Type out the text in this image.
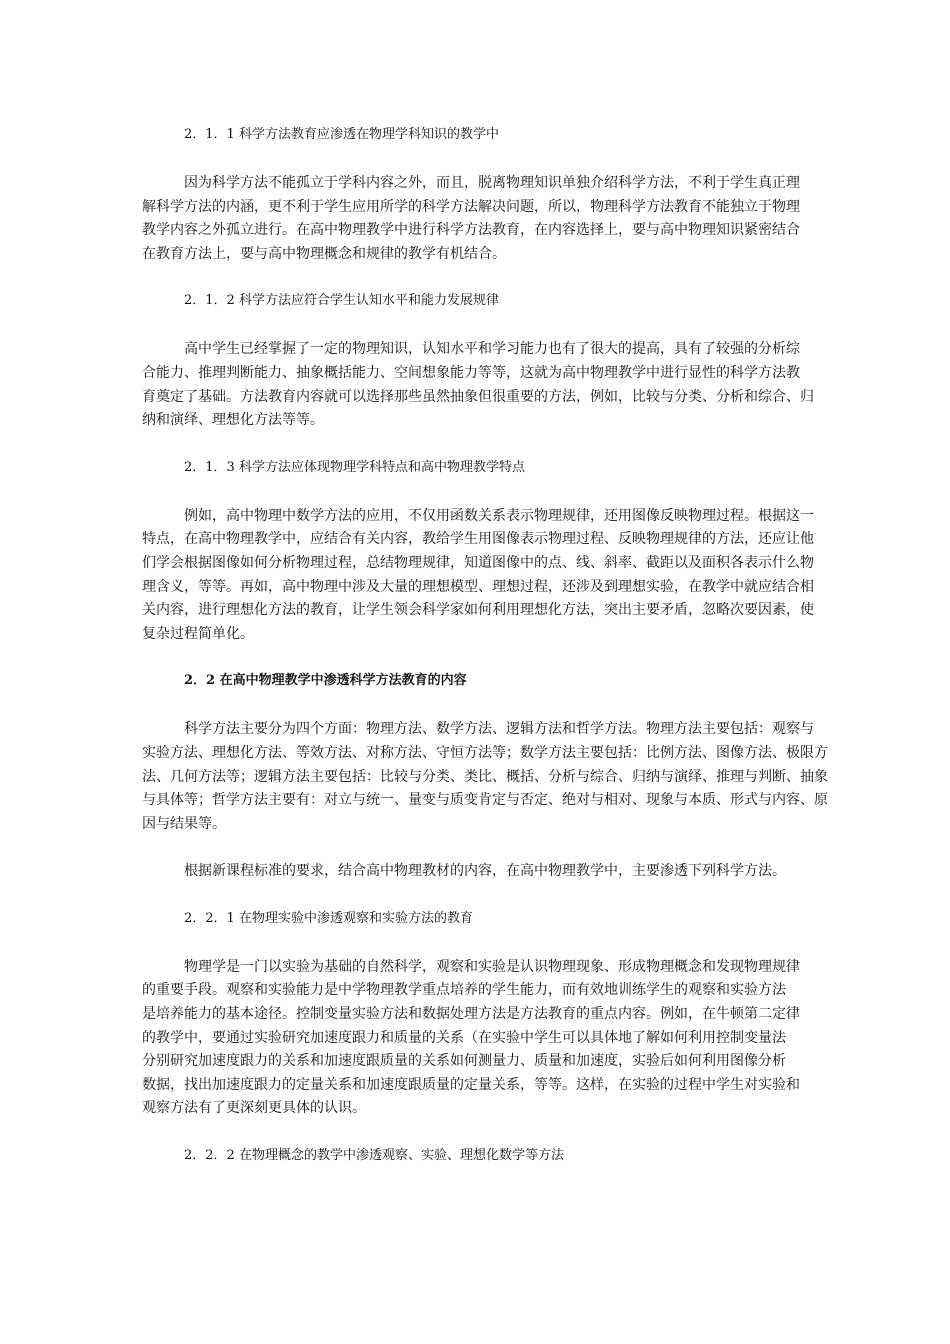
2．1．1 科学方法教育应渗透在物理学科知识的教学中
因为科学方法不能孤立于学科内容之外，而且，脱离物理知识单独介绍科学方法，不利于学生真正理
解科学方法的内涵，更不利于学生应用所学的科学方法解决问题，所以，物理科学方法教育不能独立于物理
教学内容之外孤立进行。在高中物理教学中进行科学方法教育，在内容选择上，要与高中物理知识紧密结合
在教育方法上，要与高中物理概念和规律的教学有机结合。
2．1．2 科学方法应符合学生认知水平和能力发展规律
高中学生已经掌握了一定的物理知识，认知水平和学习能力也有了很大的提高，具有了较强的分析综
合能力、推理判断能力、抽象概括能力、空间想象能力等等，这就为高中物理教学中进行显性的科学方法教
育奠定了基础。方法教育内容就可以选择那些虽然抽象但很重要的方法，例如，比较与分类、分析和综合、归
纳和演绎、理想化方法等等。
2．1．3 科学方法应体现物理学科特点和高中物理教学特点
例如，高中物理中数学方法的应用，不仅用函数关系表示物理规律，还用图像反映物理过程。根据这一
特点，在高中物理教学中，应结合有关内容，教给学生用图像表示物理过程、反映物理规律的方法，还应让他
们学会根据图像如何分析物理过程，总结物理规律，知道图像中的点、线、斜率、截距以及面积各表示什么物
理含义，等等。再如，高中物理中涉及大量的理想模型、理想过程，还涉及到理想实验，在教学中就应结合相
关内容，进行理想化方法的教育，让学生领会科学家如何利用理想化方法，突出主要矛盾，忽略次要因素，使
复杂过程简单化。
2．2 在高中物理教学中渗透科学方法教育的内容
科学方法主要分为四个方面：物理方法、数学方法、逻辑方法和哲学方法。物理方法主要包括：观察与
实验方法、理想化方法、等效方法、对称方法、守恒方法等；数学方法主要包括：比例方法、图像方法、极限方
法、几何方法等；逻辑方法主要包括：比较与分类、类比、概括、分析与综合、归纳与演绎、推理与判断、抽象
与具体等；哲学方法主要有：对立与统一、量变与质变肯定与否定、绝对与相对、现象与本质、形式与内容、原
因与结果等。
根据新课程标准的要求，结合高中物理教材的内容，在高中物理教学中，主要渗透下列科学方法。
2．2．1 在物理实验中渗透观察和实验方法的教育
物理学是一门以实验为基础的自然科学，观察和实验是认识物理现象、形成物理概念和发现物理规律
的重要手段。观察和实验能力是中学物理教学重点培养的学生能力，而有效地训练学生的观察和实验方法
是培养能力的基本途径。控制变量实验方法和数据处理方法是方法教育的重点内容。例如，在牛顿第二定律
的教学中，要通过实验研究加速度跟力和质量的关系（在实验中学生可以具体地了解如何利用控制变量法
分别研究加速度跟力的关系和加速度跟质量的关系如何测量力、质量和加速度，实验后如何利用图像分析
数据，找出加速度跟力的定量关系和加速度跟质量的定量关系，等等。这样，在实验的过程中学生对实验和
观察方法有了更深刻更具体的认识。
2．2．2 在物理概念的教学中渗透观察、实验、理想化数学等方法
